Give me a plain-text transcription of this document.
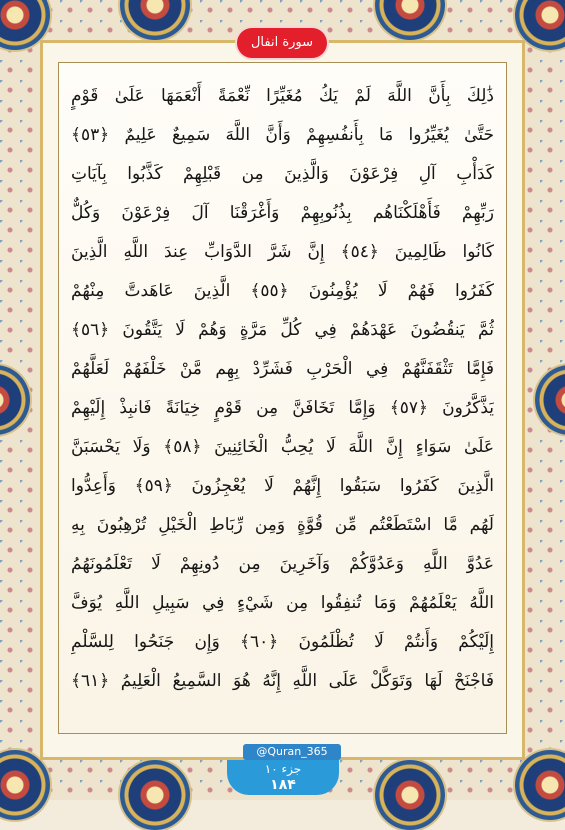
سورة انفال
ذَٰلِكَ بِأَنَّ اللَّهَ لَمْ يَكُ مُغَيِّرًا نِّعْمَةً أَنْعَمَهَا عَلَىٰ قَوْمٍ
حَتَّىٰ يُغَيِّرُوا مَا بِأَنفُسِهِمْ وَأَنَّ اللَّهَ سَمِيعٌ عَلِيمٌ ﴿٥٣﴾
كَدَأْبِ آلِ فِرْعَوْنَ وَالَّذِينَ مِن قَبْلِهِمْ كَذَّبُوا بِآيَاتِ
رَبِّهِمْ فَأَهْلَكْنَاهُم بِذُنُوبِهِمْ وَأَغْرَقْنَا آلَ فِرْعَوْنَ وَكُلٌّ
كَانُوا ظَالِمِينَ ﴿٥٤﴾ إِنَّ شَرَّ الدَّوَابِّ عِندَ اللَّهِ الَّذِينَ
كَفَرُوا فَهُمْ لَا يُؤْمِنُونَ ﴿٥٥﴾ الَّذِينَ عَاهَدتَّ مِنْهُمْ
ثُمَّ يَنقُضُونَ عَهْدَهُمْ فِي كُلِّ مَرَّةٍ وَهُمْ لَا يَتَّقُونَ ﴿٥٦﴾
فَإِمَّا تَثْقَفَنَّهُمْ فِي الْحَرْبِ فَشَرِّدْ بِهِم مَّنْ خَلْفَهُمْ لَعَلَّهُمْ
يَذَّكَّرُونَ ﴿٥٧﴾ وَإِمَّا تَخَافَنَّ مِن قَوْمٍ خِيَانَةً فَانبِذْ إِلَيْهِمْ
عَلَىٰ سَوَاءٍ إِنَّ اللَّهَ لَا يُحِبُّ الْخَائِنِينَ ﴿٥٨﴾ وَلَا يَحْسَبَنَّ
الَّذِينَ كَفَرُوا سَبَقُوا إِنَّهُمْ لَا يُعْجِزُونَ ﴿٥٩﴾ وَأَعِدُّوا
لَهُم مَّا اسْتَطَعْتُم مِّن قُوَّةٍ وَمِن رِّبَاطِ الْخَيْلِ تُرْهِبُونَ بِهِ
عَدُوَّ اللَّهِ وَعَدُوَّكُمْ وَآخَرِينَ مِن دُونِهِمْ لَا تَعْلَمُونَهُمُ
اللَّهُ يَعْلَمُهُمْ وَمَا تُنفِقُوا مِن شَيْءٍ فِي سَبِيلِ اللَّهِ يُوَفَّ
إِلَيْكُمْ وَأَنتُمْ لَا تُظْلَمُونَ ﴿٦٠﴾ وَإِن جَنَحُوا لِلسَّلْمِ
فَاجْنَحْ لَهَا وَتَوَكَّلْ عَلَى اللَّهِ إِنَّهُ هُوَ السَّمِيعُ الْعَلِيمُ ﴿٦١﴾
@Quran_365
جزء ۱۰
۱۸۴
